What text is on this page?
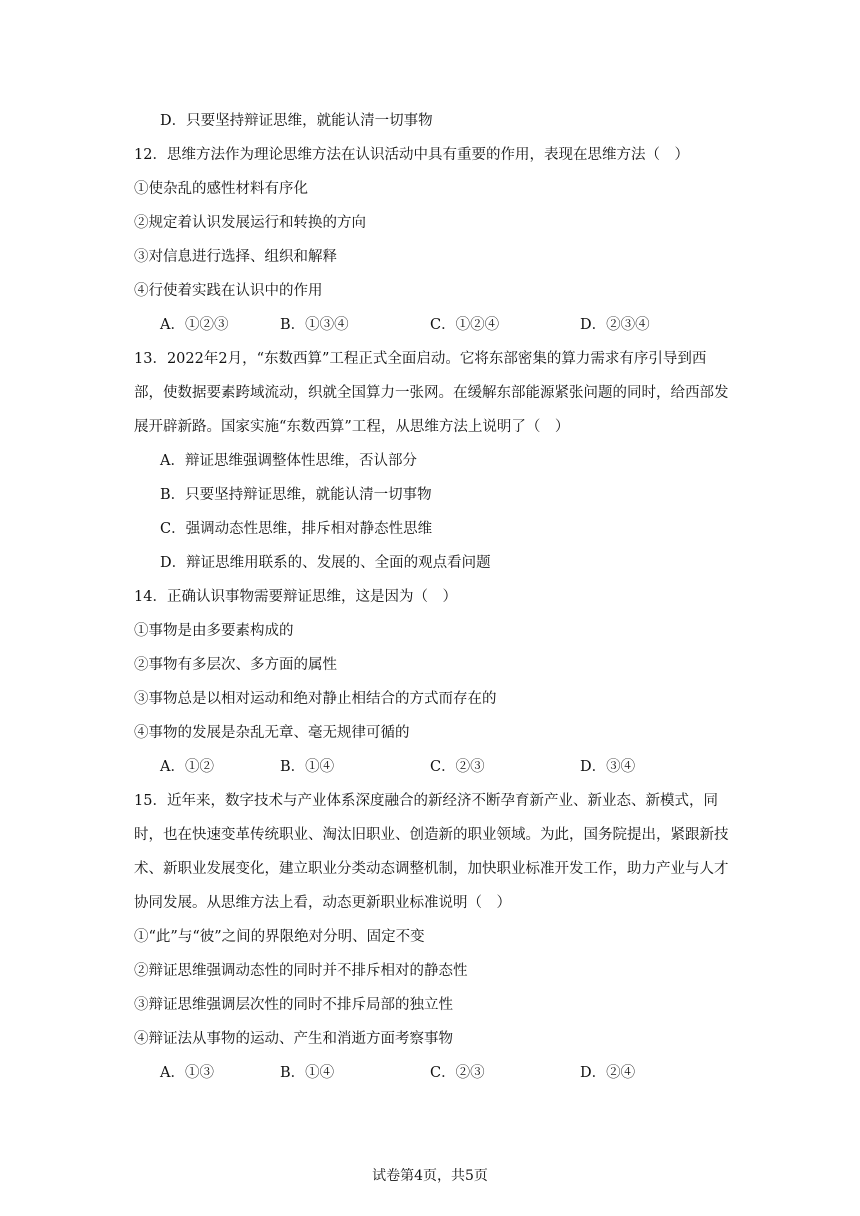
D．只要坚持辩证思维，就能认清一切事物
12．思维方法作为理论思维方法在认识活动中具有重要的作用，表现在思维方法（　）
①使杂乱的感性材料有序化
②规定着认识发展运行和转换的方向
③对信息进行选择、组织和解释
④行使着实践在认识中的作用
A．①②③	B．①③④	C．①②④	D．②③④
13．2022年2月，“东数西算”工程正式全面启动。它将东部密集的算力需求有序引导到西部，使数据要素跨域流动，织就全国算力一张网。在缓解东部能源紧张问题的同时，给西部发展开辟新路。国家实施“东数西算”工程，从思维方法上说明了（　）
A．辩证思维强调整体性思维，否认部分
B．只要坚持辩证思维，就能认清一切事物
C．强调动态性思维，排斥相对静态性思维
D．辩证思维用联系的、发展的、全面的观点看问题
14．正确认识事物需要辩证思维，这是因为（　）
①事物是由多要素构成的
②事物有多层次、多方面的属性
③事物总是以相对运动和绝对静止相结合的方式而存在的
④事物的发展是杂乱无章、毫无规律可循的
A．①②	B．①④	C．②③	D．③④
15．近年来，数字技术与产业体系深度融合的新经济不断孕育新产业、新业态、新模式，同时，也在快速变革传统职业、淘汰旧职业、创造新的职业领域。为此，国务院提出，紧跟新技术、新职业发展变化，建立职业分类动态调整机制，加快职业标准开发工作，助力产业与人才协同发展。从思维方法上看，动态更新职业标准说明（　）
①“此”与“彼”之间的界限绝对分明、固定不变
②辩证思维强调动态性的同时并不排斥相对的静态性
③辩证思维强调层次性的同时不排斥局部的独立性
④辩证法从事物的运动、产生和消逝方面考察事物
A．①③	B．①④	C．②③	D．②④
试卷第4页，共5页
